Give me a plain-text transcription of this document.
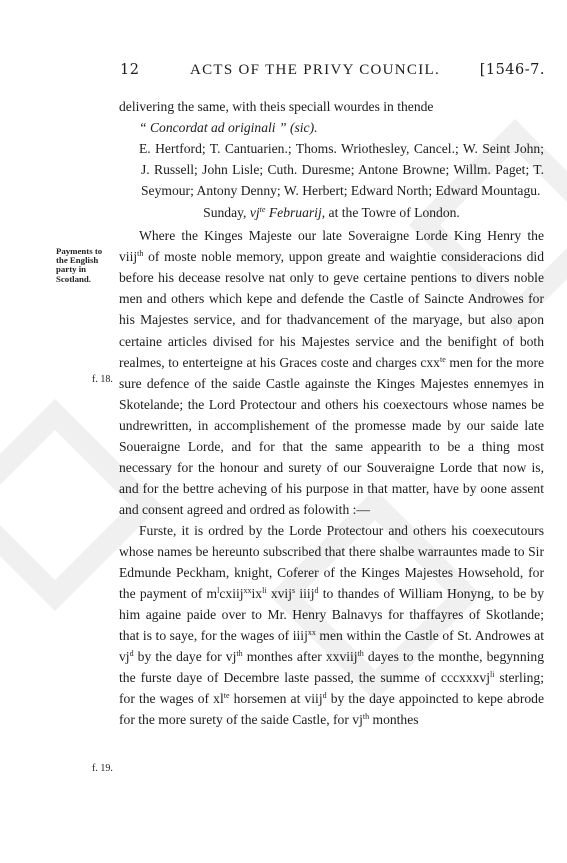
12	ACTS OF THE PRIVY COUNCIL.	[1546-7.
Payments to the English party in Scotland.
f. 18.
f. 19.

delivering the same, with theis speciall wourdes in thende

“ Concordat ad originali ” (sic).

E. Hertford; T. Cantuarien.; Thoms. Wriothesley, Cancel.; W. Seint John; J. Russell; John Lisle; Cuth. Duresme; Antone Browne; Willm. Paget; T. Seymour; Antony Denny; W. Herbert; Edward North; Edward Mountagu.

Sunday, $vj^{te}$ Februarij, at the Towre of London.

Where the Kinges Majeste our late Soveraigne Lorde King Henry the viij$^{th}$ of moste noble memory, uppon greate and waightie consideracions did before his decease resolve nat only to geve certaine pentions to divers noble men and others which kepe and defende the Castle of Saincte Androwes for his Majestes service, and for thadvancement of the maryage, but also apon certaine articles divised for his Majestes service and the benifight of both realmes, to enterteigne at his Graces coste and charges cxx$^{te}$ men for the more sure defence of the saide Castle againste the Kinges Majestes ennemyes in Skotelande; the Lord Protectour and others his coexectours whose names be undrewritten, in accomplishement of the promesse made by our saide late Soueraigne Lorde, and for that the same appearith to be a thing most necessary for the honour and surety of our Souveraigne Lorde that now is, and for the bettre acheving of his purpose in that matter, have by oone assent and consent agreed and ordred as folowith :—

Furste, it is ordred by the Lorde Protectour and others his coexecutours whose names be hereunto subscribed that there shalbe warrauntes made to Sir Edmunde Peckham, knight, Coferer of the Kinges Majestes Howsehold, for the payment of $m^lcxiij^{xx}ix^{li}$ xvij$^s$ iiij$^d$ to thandes of William Honyng, to be by him againe paide over to Mr. Henry Balnavys for thaffayres of Skotlande; that is to saye, for the wages of iiij$^{xx}$ men within the Castle of St. Androwes at $vj^d$ by the daye for $vj^{th}$ monthes after xxviij$^{th}$ dayes to the monthe, begynning the furste daye of Decembre laste passed, the summe of cccxxxvj$^{li}$ sterling; for the wages of $xl^{te}$ horsemen at viij$^d$ by the daye appoincted to kepe abrode for the more surety of the saide Castle, for $vj^{th}$ monthes
